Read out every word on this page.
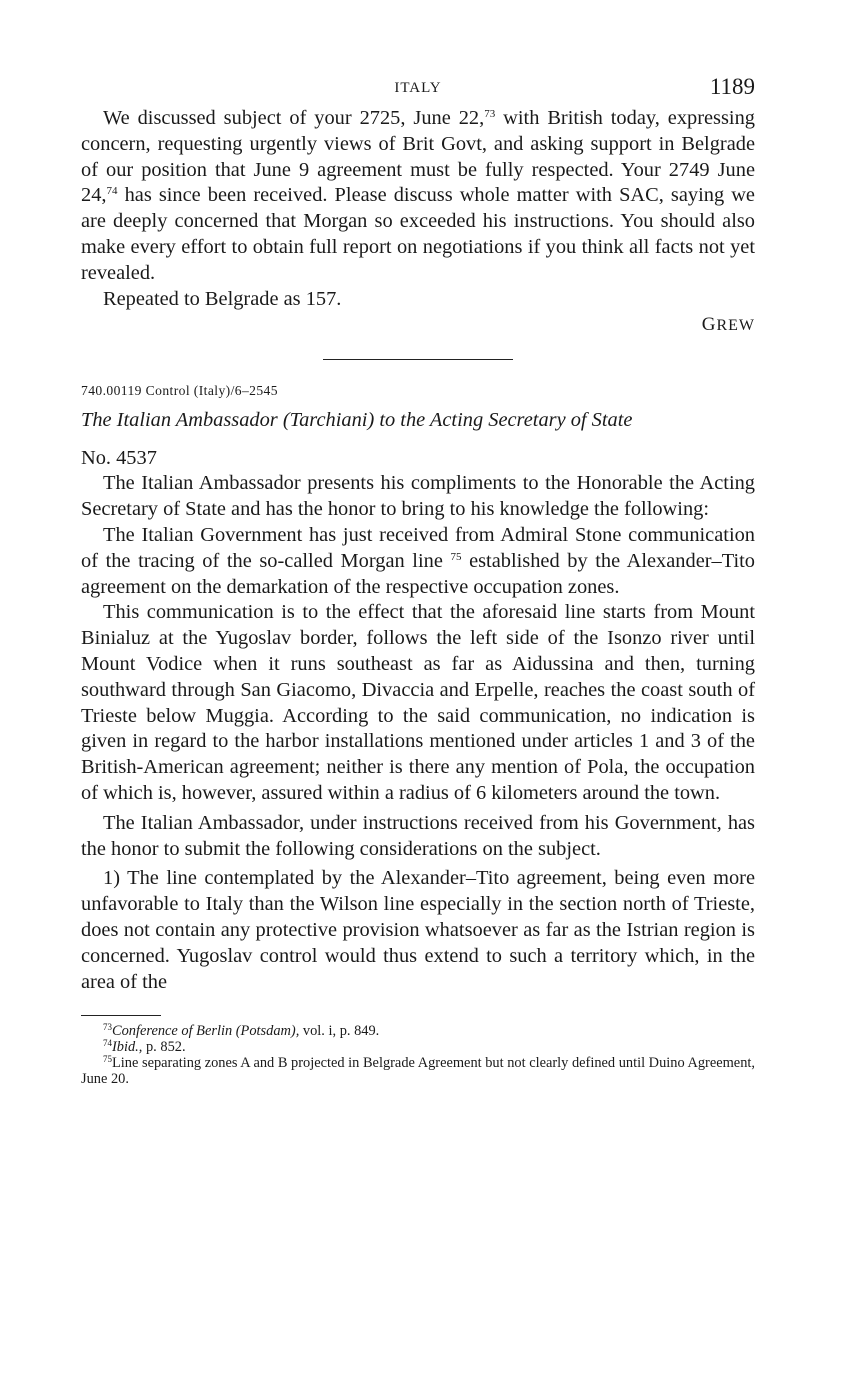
ITALY	1189

We discussed subject of your 2725, June 22,73 with British today, expressing concern, requesting urgently views of Brit Govt, and asking support in Belgrade of our position that June 9 agreement must be fully respected. Your 2749 June 24,74 has since been received. Please discuss whole matter with SAC, saying we are deeply concerned that Morgan so exceeded his instructions. You should also make every effort to obtain full report on negotiations if you think all facts not yet revealed.

Repeated to Belgrade as 157.

GREW
740.00119 Control (Italy)/6–2545
The Italian Ambassador (Tarchiani) to the Acting Secretary of State
No. 4537

The Italian Ambassador presents his compliments to the Honorable the Acting Secretary of State and has the honor to bring to his knowledge the following:

The Italian Government has just received from Admiral Stone communication of the tracing of the so-called Morgan line $^{75}$ established by the Alexander–Tito agreement on the demarkation of the respective occupation zones.

This communication is to the effect that the aforesaid line starts from Mount Binialuz at the Yugoslav border, follows the left side of the Isonzo river until Mount Vodice when it runs southeast as far as Aidussina and then, turning southward through San Giacomo, Divaccia and Erpelle, reaches the coast south of Trieste below Muggia. According to the said communication, no indication is given in regard to the harbor installations mentioned under articles 1 and 3 of the British-American agreement; neither is there any mention of Pola, the occupation of which is, however, assured within a radius of 6 kilometers around the town.

The Italian Ambassador, under instructions received from his Government, has the honor to submit the following considerations on the subject.

1) The line contemplated by the Alexander–Tito agreement, being even more unfavorable to Italy than the Wilson line especially in the section north of Trieste, does not contain any protective provision whatsoever as far as the Istrian region is concerned. Yugoslav control would thus extend to such a territory which, in the area of the

$^{73}$Conference of Berlin (Potsdam), vol. i, p. 849.
$^{74}$Ibid., p. 852.
$^{75}$Line separating zones A and B projected in Belgrade Agreement but not clearly defined until Duino Agreement, June 20.
